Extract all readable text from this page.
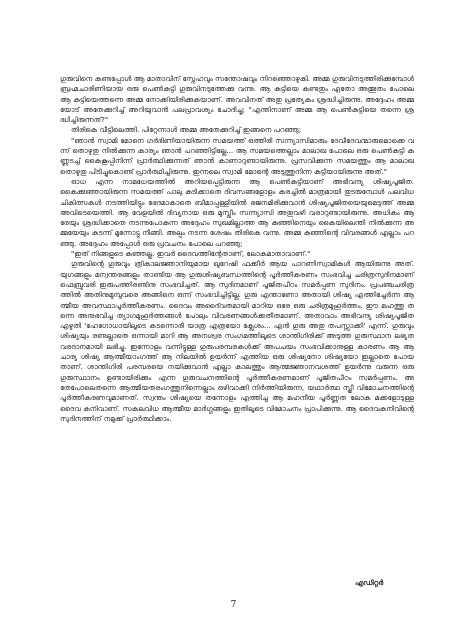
ഗുരുവിനെ കണ്ടപ്പോൾ ആ മാതാവിന് സ്നേഹവും സന്തോഷവും നിറഞ്ഞൊഴുകി. അമ്മ ഗുരുവിനടുത്തിരിക്കുമ്പോൾ ബ്രഹ്മചാരിണിയായ ഒരു പെൺകുട്ടി ഗുരുവിനടുത്തേക്കു വന്നു. ആ കുട്ടിയെ കണ്ടതും ഏതോ അത്ഭുതം പോലെ ആ കുട്ടിയെത്തന്നെ അമ്മ നോക്കിയിരിക്കുകയാണ്. അവവിനത് അതു പ്രത്യേകം ശ്രദ്ധിച്ചിരുന്നു. അദ്ദേഹം അമ്മയോട് അതേക്കുറിച്ച് അറിയുവാൻ പലപ്രാവശ്യം ചോദിച്ചു; "എന്തിനാണ് അമ്മ ആ പെൺകുട്ടിയെ തന്നെ ശ്രദ്ധിച്ചിരുന്നത്?"

തിരികെ വീട്ടിലെത്തി. പിറ്റേന്നാൾ അമ്മ അതേക്കുറിച്ച് ഇങ്ങനെ പറഞ്ഞു;

"ഞാൻ സ്വാമി മോനെ ഗർഭിണിയായിരുന്ന സമയത്ത് ഒത്തിരി സന്ന്യാസിമാരും ദേവീദേവന്മാരുമൊക്കെ വന്ന് തൊഴുതു നിൽക്കുന്ന കാര്യം ഞാൻ പറഞ്ഞിട്ടില്ലേ... ആ സമയത്തെല്ലാം മാലാഖ പോലെ ഒരു പെൺകുട്ടി കണ്ണടച്ച് കൈകൂപ്പിനിന്ന് പ്രാർത്ഥിക്കുന്നത് ഞാൻ കാണാറുണ്ടായിരുന്നു. പ്രസവിക്കുന്ന സമയത്തും ആ മാലാഖ തൊഴുതു പിടിച്ചുകൊണ്ട് പ്രാർത്ഥിച്ചിരുന്നു. ഇന്നലെ സ്വാമി മോന്റെ അടുത്തുനിന്ന കുട്ടിയായിരുന്നു അത്."

ഓധ എന്ന നാമധേയത്തിൽ അറിയപ്പെട്ടിരുന്ന ആ പെൺകുട്ടിയാണ് അഭിവന്ദ്യ ശിഷ്യപൂജിത. കൈക്കുഞ്ഞായിരുന്ന സമയത്ത് പാലു കുടിക്കാതെ ദിവസങ്ങളോളം കരച്ചിൽ മാത്രമായി തുടരുമ്പോൾ പലവിധ ചികിത്സകൾ നടത്തിയിട്ടും ഭേദമാകാതെ ബീമാപ്പള്ളിയിൽ ഭജനമിരിക്കുവാൻ ശിഷ്യപൂജിതയെയുമെടുത്ത് അമ്മ അവിടെയെത്തി. ആ വേളയിൽ ദിവ്യനായ ഒരു മുസ്ലീം സന്ന്യാസി അതുവഴി വരാറുണ്ടായിരുന്നു. അധികം ആരേയും ശ്രദ്ധിക്കാതെ നടന്നുപോകുന്ന അദ്ദേഹം സുഖമില്ലാത്ത ആ കുഞ്ഞിനെയും കൈയിലെന്തി നിൽക്കുന്ന അമ്മയേയും കടന്ന് മൂന്നോട്ടു നീങ്ങി. അല്പം നടന്ന ശേഷം തിരികെ വന്നു. അമ്മ കുഞ്ഞിന്റെ വിവരങ്ങൾ എല്ലാം പറഞ്ഞു. അദ്ദേഹം അപ്പോൾ ഒരു പ്രവചനം പോലെ പറഞ്ഞു;

"ഇത് നിങ്ങളുടെ കുഞ്ഞല്ല. ഇവർ ദൈവത്തിന്റേതാണ്, ലോകമാതാവാണ്."

ഗുരുവിന്റെ ഗുരുവും ത്രികാലജ്ഞാനിയുമായ ഖുറേഷി ഫക്കീർ ആയ പാറണിസ്വാമികൾ ആയിരുന്നു അത്. യുഗങ്ങളും മന്വന്തരങ്ങളും താണ്ടിയ ആ ഗുരുശിഷ്യബന്ധത്തിന്റെ പൂർത്തീകരണം സംഭവിച്ച ചരിത്രസുദിനമാണ് ഫെബ്രുവരി ഇരുപത്തിരണ്ടിനു സംഭവിച്ചത്. ആ സുദിനമാണ് പൂജിതപീഠം സമർപ്പണ സുദിനം. പ്രപഞ്ചചരിത്രത്തിൽ അതിനുമുമ്പുവരെ അങ്ങിനെ ഒന്ന് സംഭവിച്ചിട്ടില്ല. ഗുരു എന്താണോ അതായി ശിഷ്യ എത്തിച്ചേർന്ന ആത്മീയ അവസ്ഥാപൂർത്തീകരണം. ദൈവം അദൈ്വതമായി മാറിയ ഒരേ ഒരു ചരിത്രമുഹൂർത്തം. ഈ മഹത്തു തന്നെ അനുഭവിച്ച ത്യാഗമുഹൂർത്തങ്ങൾ പോലും വിവരണങ്ങൾക്കതീതമാണ്. അതാവാം അഭിവന്ദ്യ ശിഷ്യപൂജിത എഴുതി 'ഹേഗോധായിലൂടെ കടന്നൊരീ യാത്ര എത്രയോ ക്ലേശം... എൻ ഗുരു അതു തപസ്സാക്കി' എന്ന്. ഗുരുവും ശിഷ്യയും രണ്ടല്ലാതെ ഒന്നായി മാറി ആ അനശ്വര സംഗമത്തിലൂടെ ശാന്തിഗിരിക്ക് അടുത്ത ഗുരുസ്ഥാന ലഭ്യത വരദാനമായി ലഭിച്ചു. ഇന്നോളം വന്നിട്ടുള്ള ഗുരുപരമ്പരകൾക്ക് അപചയം സംഭവിക്കാനുള്ള കാരണം ആ ആചാര്യ ശിഷ്യ ആത്മീയാംഗത്ത് ആ നിലയിൽ ഉയർന്ന് എത്തിയ ഒരു ശിഷ്യനോ ശിഷ്യയോ ഇല്ലാതെ പോയതാണ്. ശാന്തിഗിരി പരമ്പരയെ നയിക്കുവാൻ എല്ലാ കാലത്തും ആത്മജ്ഞാനവശത്ത് ഉയർന്നു വരുന്ന ഒരു ഗുരുസ്ഥാനം ഉണ്ടായിരിക്കും എന്ന ഗുരുവചനത്തിന്റെ പൂർത്തീകരണമാണ് പൂജിതപീഠം സമർപ്പണം. അതേപോലെതന്നെ ആത്മീയതരംഗത്തുനിന്നെല്ലാം ഒഴിവാക്കി നിർത്തിയിരുന്ന, യഥാർത്ഥ സ്ത്രീ വിമോചനത്തിന്റെ പൂർത്തീകരണവുമാണത്. സ്വന്തം ശിഷ്യയെ തന്നോളം എത്തിച്ച ആ മഹനീയ പൂർണ്ണത ലോക മക്കളോടുള്ള ദൈവ കനിവാണ്. സകലവിധ ആത്മീയ മാർഗ്ഗങ്ങളും ഇതിലൂടെ വിമോചനം പ്രാപിക്കുന്നു. ആ ദൈവകനിവിന്റെ സുദിനത്തിന് നമുക്ക് പ്രാർത്ഥിക്കാം.

എഡിറ്റർ
7
